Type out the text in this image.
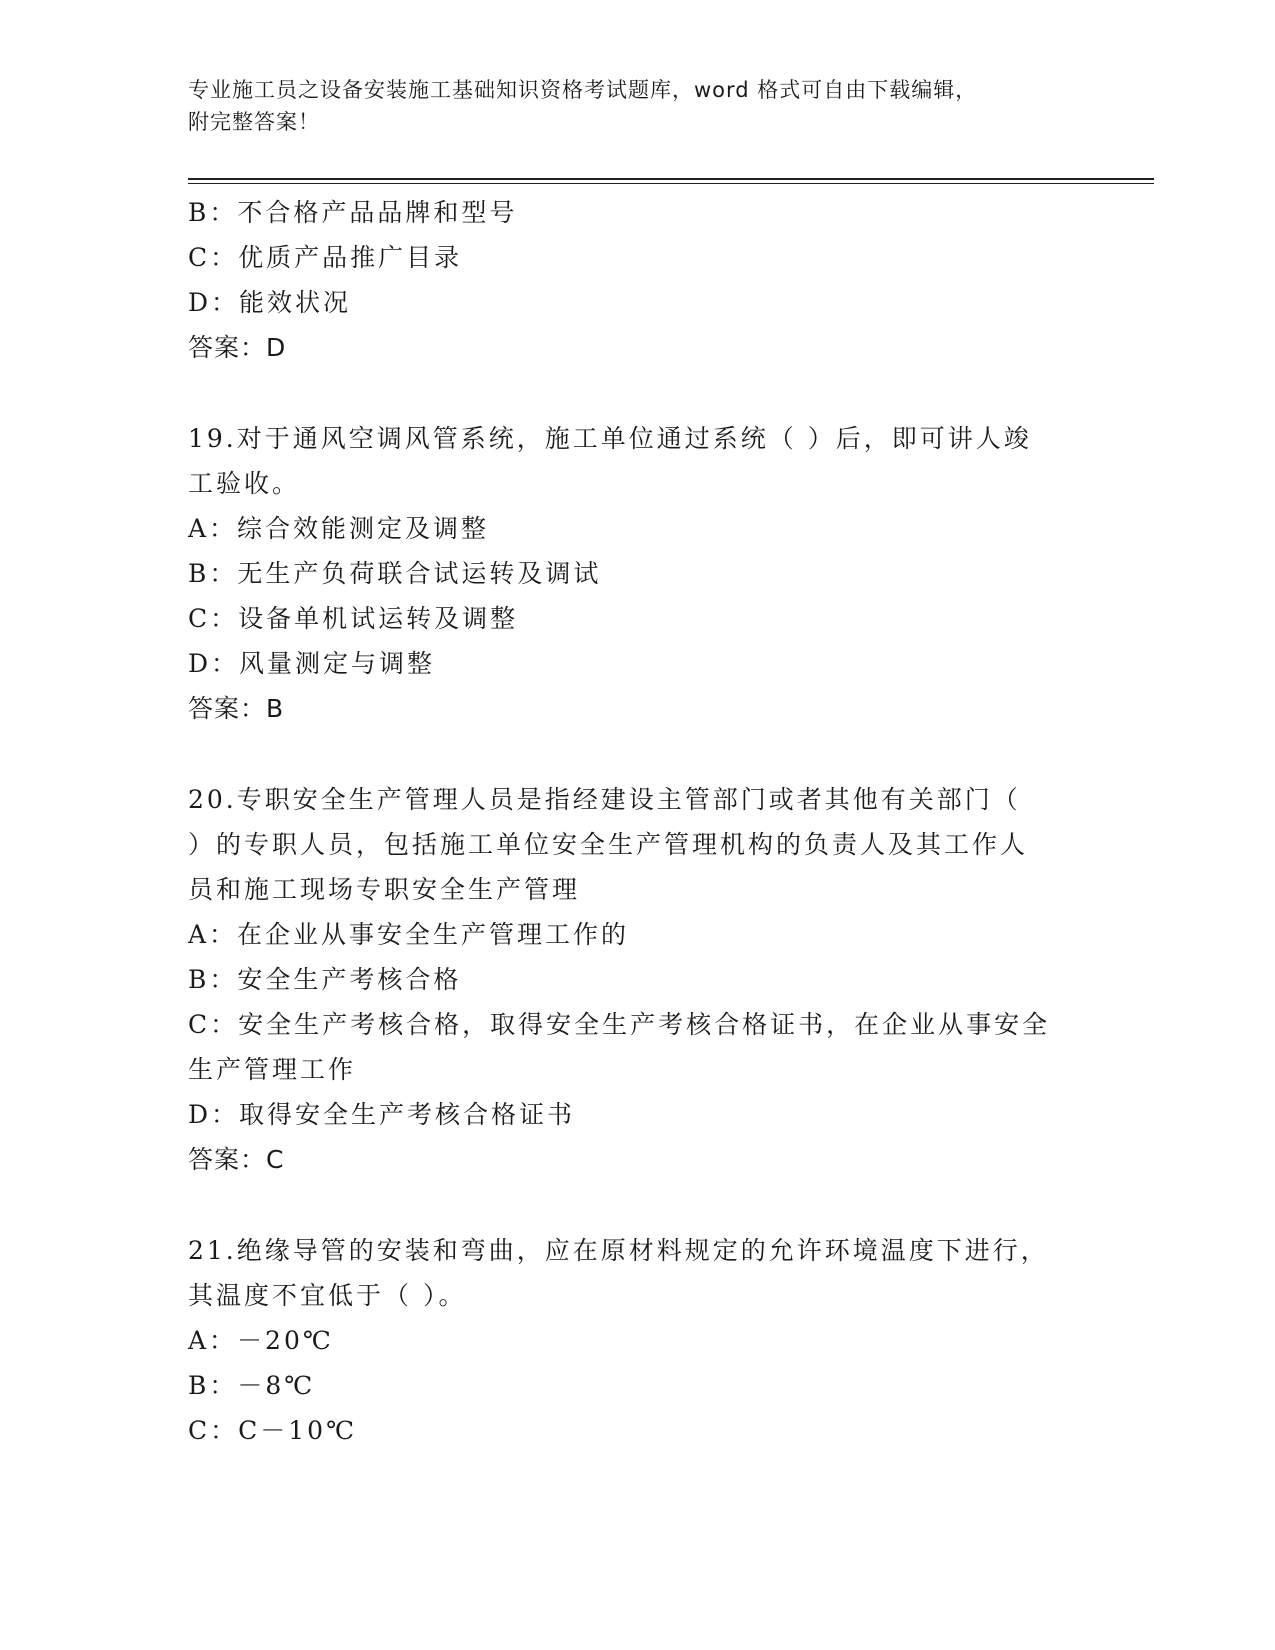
专业施工员之设备安装施工基础知识资格考试题库，word 格式可自由下载编辑，
附完整答案！
B：不合格产品品牌和型号
C：优质产品推广目录
D：能效状况
答案：D
19.对于通风空调风管系统，施工单位通过系统（ ）后，即可讲人竣
工验收。
A：综合效能测定及调整
B：无生产负荷联合试运转及调试
C：设备单机试运转及调整
D：风量测定与调整
答案：B
20.专职安全生产管理人员是指经建设主管部门或者其他有关部门（
）的专职人员，包括施工单位安全生产管理机构的负责人及其工作人
员和施工现场专职安全生产管理
A：在企业从事安全生产管理工作的
B：安全生产考核合格
C：安全生产考核合格，取得安全生产考核合格证书，在企业从事安全
生产管理工作
D：取得安全生产考核合格证书
答案：C
21.绝缘导管的安装和弯曲，应在原材料规定的允许环境温度下进行，
其温度不宜低于（ ）。
A：－20℃
B：－8℃
C：C－10℃
